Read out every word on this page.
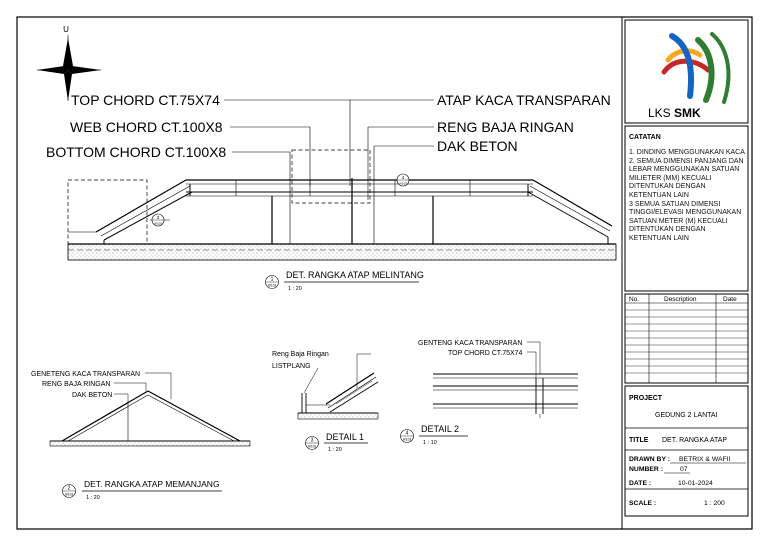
U
TOP CHORD CT.75X74
WEB CHORD CT.100X8
BOTTOM CHORD CT.100X8
ATAP KACA TRANSPARAN
RENG BAJA RINGAN
DAK BETON
3
A/103
4
A/103
1
A/103
DET. RANGKA ATAP MELINTANG
1 : 20
GENETENG KACA TRANSPARAN
RENG BAJA RINGAN
DAK BETON
2
A/103
DET. RANGKA ATAP MEMANJANG
1 : 20
Reng Baja Ringan
LISTPLANG
3
A/103
DETAIL 1
1 : 20
GENTENG KACA TRANSPARAN
TOP CHORD CT.75X74
4
A/103
DETAIL 2
1 : 10
LKS SMK
CATATAN
No.	Description	Date
PROJECT
GEDUNG 2 LANTAI
TITLE DET. RANGKA ATAP
DRAWN BY : BETRIX & WAFII
NUMBER :	07
DATE :	10-01-2024
SCALE :	1 : 200
1. DINDING MENGGUNAKAN KACA
2. SEMUA DIMENSI PANJANG DAN LEBAR MENGGUNAKAN SATUAN MILIETER (MM) KECUALI DITENTUKAN DENGAN KETENTUAN LAIN
3 SEMUA SATUAN DIMENSI TINGGI/ELEVASI MENGGUNAKAN SATUAN METER (M) KECUALI DITENTUKAN DENGAN KETENTUAN LAIN
